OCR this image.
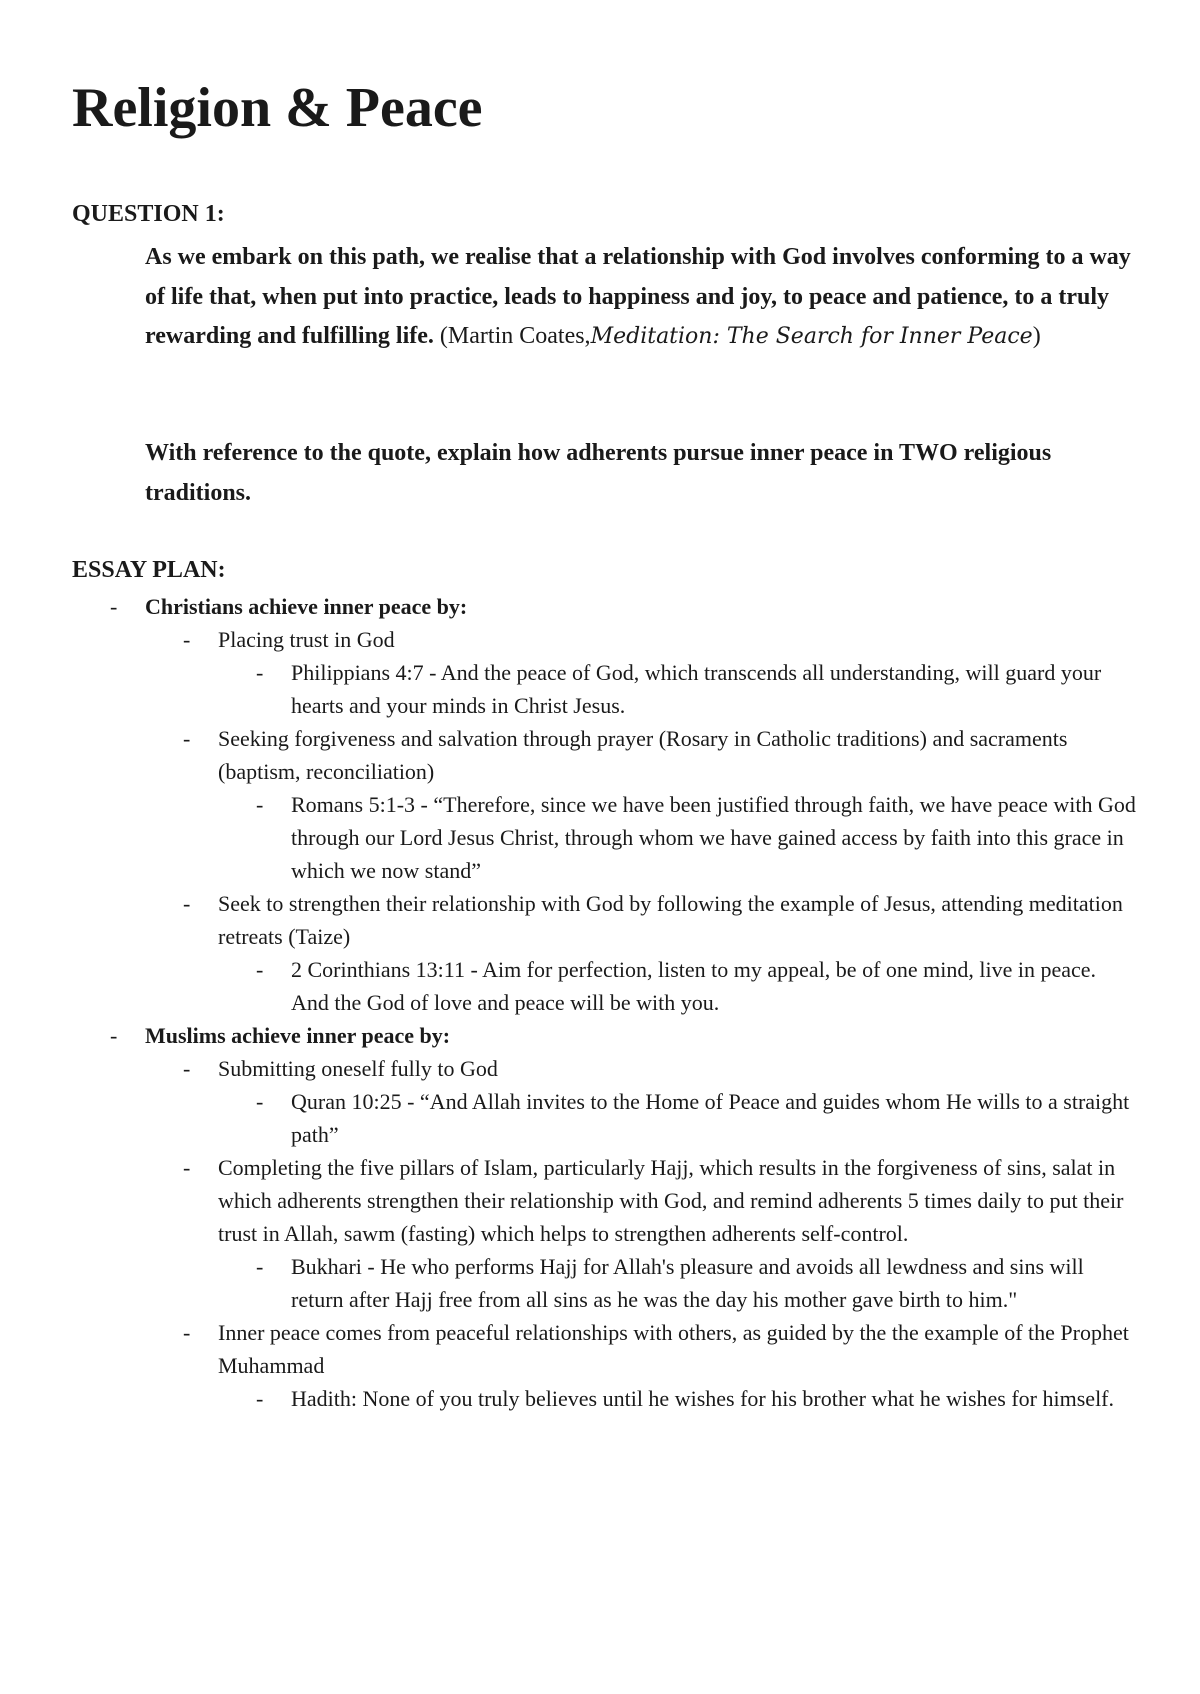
Religion & Peace
QUESTION 1:
As we embark on this path, we realise that a relationship with God involves conforming to a way of life that, when put into practice, leads to happiness and joy, to peace and patience, to a truly rewarding and fulfilling life. (Martin Coates,Meditation: The Search for Inner Peace)
With reference to the quote, explain how adherents pursue inner peace in TWO religious traditions.
ESSAY PLAN:
- Christians achieve inner peace by:
- Placing trust in God
- Philippians 4:7 - And the peace of God, which transcends all understanding, will guard your hearts and your minds in Christ Jesus.
- Seeking forgiveness and salvation through prayer (Rosary in Catholic traditions) and sacraments (baptism, reconciliation)
- Romans 5:1-3 - “Therefore, since we have been justified through faith, we have peace with God through our Lord Jesus Christ, through whom we have gained access by faith into this grace in which we now stand”
- Seek to strengthen their relationship with God by following the example of Jesus, attending meditation retreats (Taize)
- 2 Corinthians 13:11 - Aim for perfection, listen to my appeal, be of one mind, live in peace. And the God of love and peace will be with you.
- Muslims achieve inner peace by:
- Submitting oneself fully to God
- Quran 10:25 - “And Allah invites to the Home of Peace and guides whom He wills to a straight path”
- Completing the five pillars of Islam, particularly Hajj, which results in the forgiveness of sins, salat in which adherents strengthen their relationship with God, and remind adherents 5 times daily to put their trust in Allah, sawm (fasting) which helps to strengthen adherents self-control.
- Bukhari - He who performs Hajj for Allah's pleasure and avoids all lewdness and sins will return after Hajj free from all sins as he was the day his mother gave birth to him."
- Inner peace comes from peaceful relationships with others, as guided by the the example of the Prophet Muhammad
- Hadith: None of you truly believes until he wishes for his brother what he wishes for himself.
